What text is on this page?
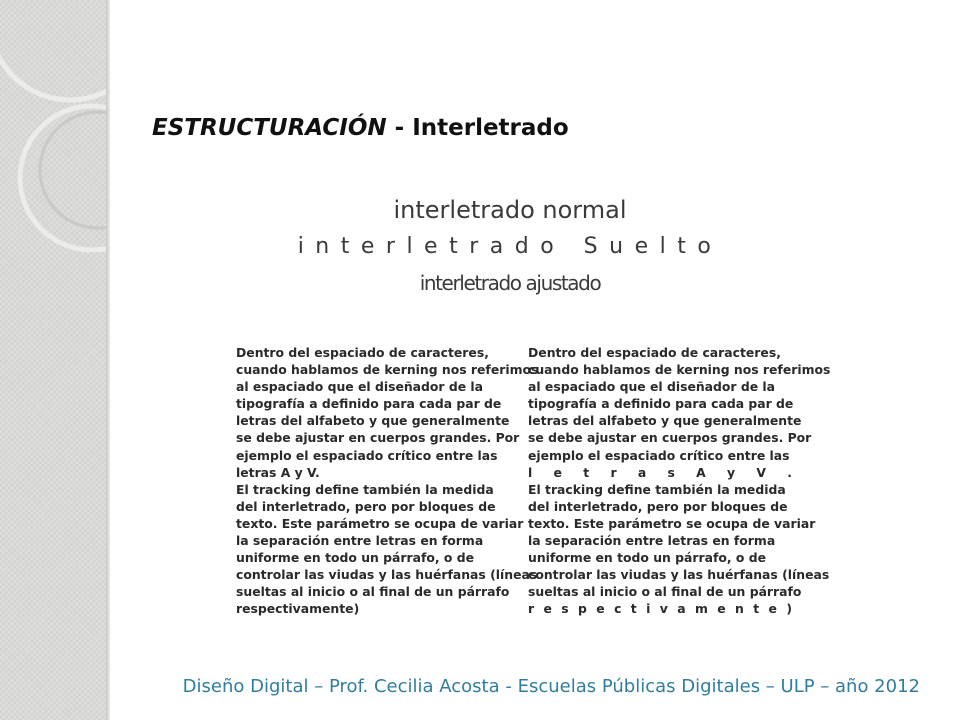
ESTRUCTURACIÓN - Interletrado
interletrado normal
interletrado Suelto
interletrado ajustado
Dentro del espaciado de caracteres,
cuando hablamos de kerning nos referimos
al espaciado que el diseñador de la
tipografía a definido para cada par de
letras del alfabeto y que generalmente
se debe ajustar en cuerpos grandes. Por
ejemplo el espaciado crítico entre las
letras A y V.
El tracking define también la medida
del interletrado, pero por bloques de
texto. Este parámetro se ocupa de variar
la separación entre letras en forma
uniforme en todo un párrafo, o de
controlar las viudas y las huérfanas (líneas
sueltas al inicio o al final de un párrafo
respectivamente)
Dentro del espaciado de caracteres,
cuando hablamos de kerning nos referimos
al espaciado que el diseñador de la
tipografía a definido para cada par de
letras del alfabeto y que generalmente
se debe ajustar en cuerpos grandes. Por
ejemplo el espaciado crítico entre las
l e t r a s A y V .
El tracking define también la medida
del interletrado, pero por bloques de
texto. Este parámetro se ocupa de variar
la separación entre letras en forma
uniforme en todo un párrafo, o de
controlar las viudas y las huérfanas (líneas
sueltas al inicio o al final de un párrafo
r e s p e c t i v a m e n t e )
Diseño Digital – Prof. Cecilia Acosta - Escuelas Públicas Digitales – ULP – año 2012
